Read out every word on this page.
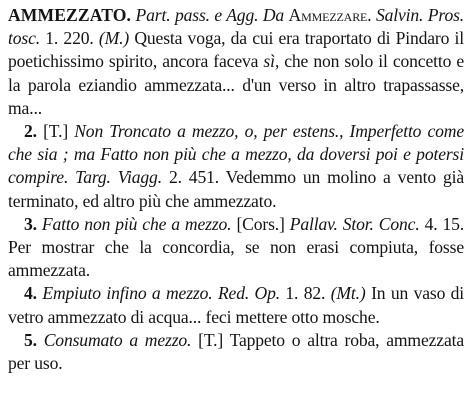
AMMEZZATO. Part. pass. e Agg. Da Ammezzare. Salvin. Pros. tosc. 1. 220. (M.) Questa voga, da cui era traportato di Pindaro il poetichissimo spirito, ancora faceva sì, che non solo il concetto e la parola eziandio ammezzata... d'un verso in altro trapassasse, ma...

2. [T.] Non Troncato a mezzo, o, per estens., Imperfetto come che sia ; ma Fatto non più che a mezzo, da doversi poi e potersi compire. Targ. Viagg. 2. 451. Vedemmo un molino a vento già terminato, ed altro più che ammezzato.

3. Fatto non più che a mezzo. [Cors.] Pallav. Stor. Conc. 4. 15. Per mostrar che la concordia, se non erasi compiuta, fosse ammezzata.

4. Empiuto infino a mezzo. Red. Op. 1. 82. (Mt.) In un vaso di vetro ammezzato di acqua... feci mettere otto mosche.

5. Consumato a mezzo. [T.] Tappeto o altra roba, ammezzata per uso.
